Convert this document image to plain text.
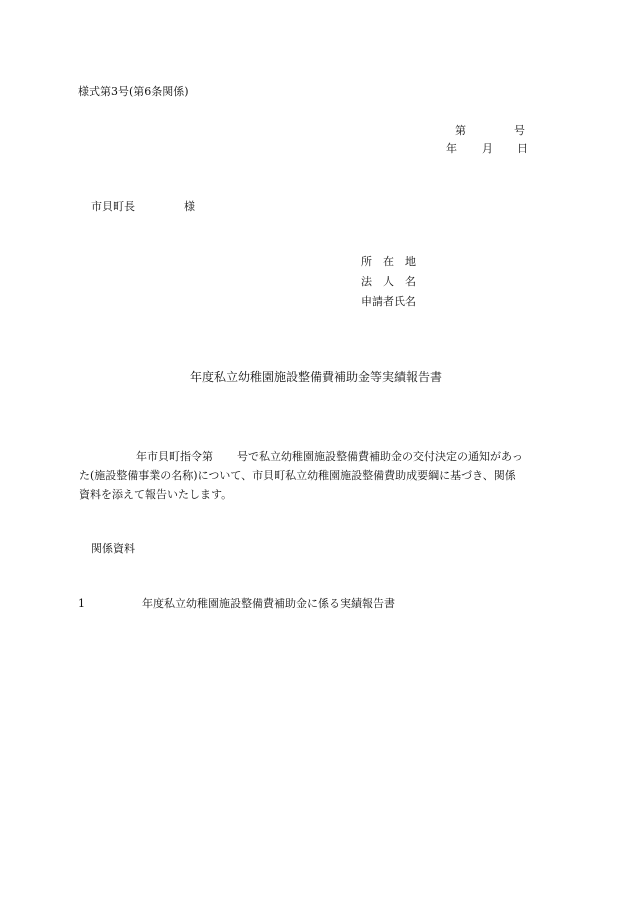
様式第3号(第6条関係)
第	号
年 月 日
市貝町長	様
所　在　地
法　人　名
申請者氏名
年度私立幼稚園施設整備費補助金等実績報告書
年市貝町指令第 号で私立幼稚園施設整備費補助金の交付決定の通知があっ
た(施設整備事業の名称)について、市貝町私立幼稚園施設整備費助成要綱に基づき、関係
資料を添えて報告いたします。
関係資料
1	年度私立幼稚園施設整備費補助金に係る実績報告書
